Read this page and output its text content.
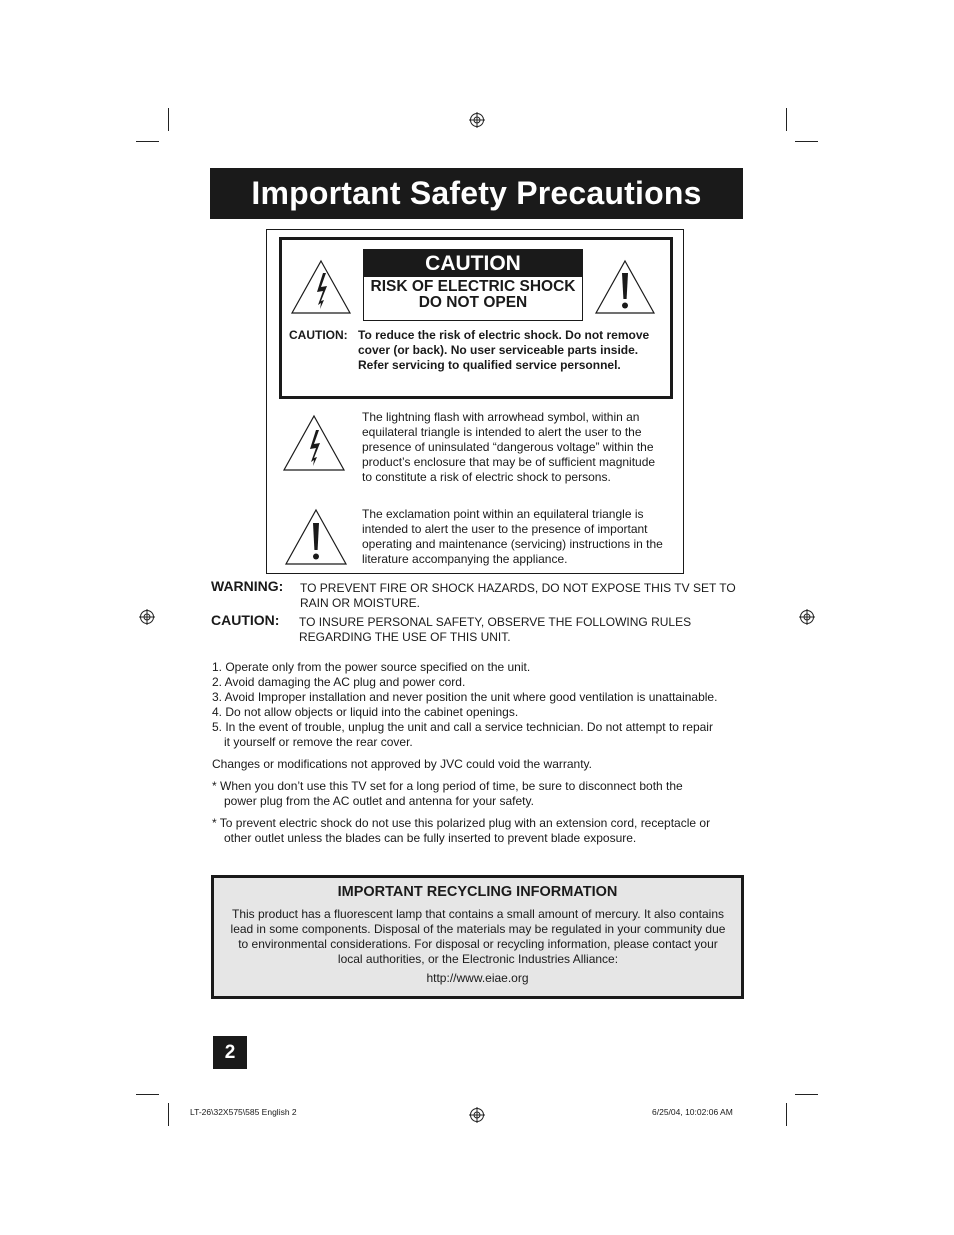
Important Safety Precautions
CAUTION
RISK OF ELECTRIC SHOCK
DO NOT OPEN
CAUTION: To reduce the risk of electric shock. Do not remove cover (or back). No user serviceable parts inside. Refer servicing to qualified service personnel.
The lightning flash with arrowhead symbol, within an equilateral triangle is intended to alert the user to the presence of uninsulated “dangerous voltage” within the product’s enclosure that may be of sufficient magnitude to constitute a risk of electric shock to persons.
The exclamation point within an equilateral triangle is intended to alert the user to the presence of important operating and maintenance (servicing) instructions in the literature accompanying the appliance.
WARNING: TO PREVENT FIRE OR SHOCK HAZARDS, DO NOT EXPOSE THIS TV SET TO RAIN OR MOISTURE.
CAUTION: TO INSURE PERSONAL SAFETY, OBSERVE THE FOLLOWING RULES REGARDING THE USE OF THIS UNIT.
1. Operate only from the power source specified on the unit.
2. Avoid damaging the AC plug and power cord.
3. Avoid Improper installation and never position the unit where good ventilation is unattainable.
4. Do not allow objects or liquid into the cabinet openings.
5. In the event of trouble, unplug the unit and call a service technician. Do not attempt to repair
it yourself or remove the rear cover.
Changes or modifications not approved by JVC could void the warranty.
* When you don’t use this TV set for a long period of time, be sure to disconnect both the
power plug from the AC outlet and antenna for your safety.
* To prevent electric shock do not use this polarized plug with an extension cord, receptacle or
other outlet unless the blades can be fully inserted to prevent blade exposure.
IMPORTANT RECYCLING INFORMATION
This product has a fluorescent lamp that contains a small amount of mercury. It also contains lead in some components. Disposal of the materials may be regulated in your community due to environmental considerations. For disposal or recycling information, please contact your local authorities, or the Electronic Industries Alliance:
http://www.eiae.org
2
LT-26\32X575\585 English 2	6/25/04, 10:02:06 AM
